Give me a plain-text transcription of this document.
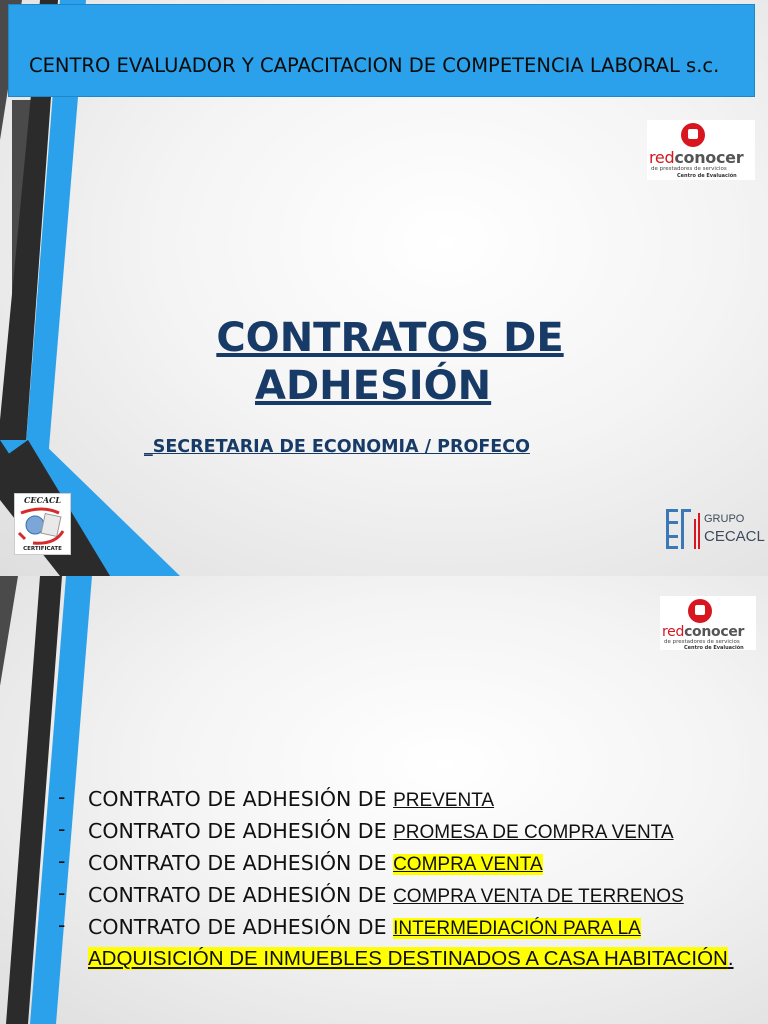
CENTRO EVALUADOR Y CAPACITACION DE COMPETENCIA LABORAL s.c.
redconocer
de prestadores de servicios
Centro de Evaluación
CONTRATOS DE
ADHESIÓN
_SECRETARIA DE ECONOMIA / PROFECO
CECACL
CERTIFICATE
GRUPO
CECACL
redconocer
de prestadores de servicios
Centro de Evaluación
- CONTRATO DE ADHESIÓN DE PREVENTA
- CONTRATO DE ADHESIÓN DE PROMESA DE COMPRA VENTA
- CONTRATO DE ADHESIÓN DE COMPRA VENTA
- CONTRATO DE ADHESIÓN DE COMPRA VENTA DE TERRENOS
- CONTRATO DE ADHESIÓN DE INTERMEDIACIÓN PARA LA
ADQUISICIÓN DE INMUEBLES DESTINADOS A CASA HABITACIÓN.
